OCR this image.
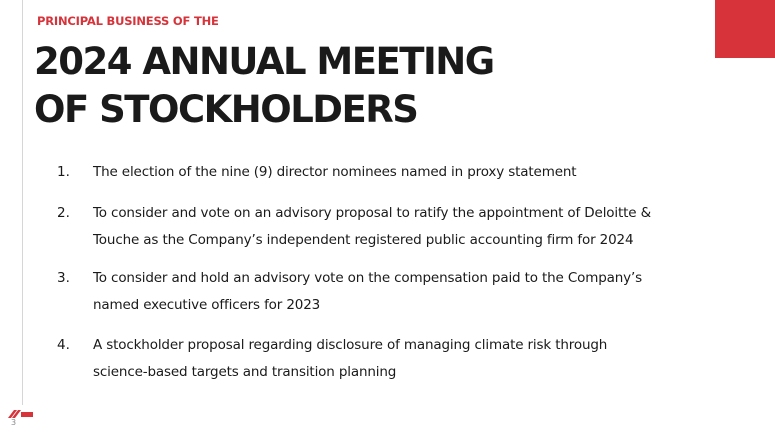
PRINCIPAL BUSINESS OF THE
2024 ANNUAL MEETING
OF STOCKHOLDERS
1. The election of the nine (9) director nominees named in proxy statement
2. To consider and vote on an advisory proposal to ratify the appointment of Deloitte &
Touche as the Company’s independent registered public accounting firm for 2024
3. To consider and hold an advisory vote on the compensation paid to the Company’s
named executive officers for 2023
4. A stockholder proposal regarding disclosure of managing climate risk through
science-based targets and transition planning
3
